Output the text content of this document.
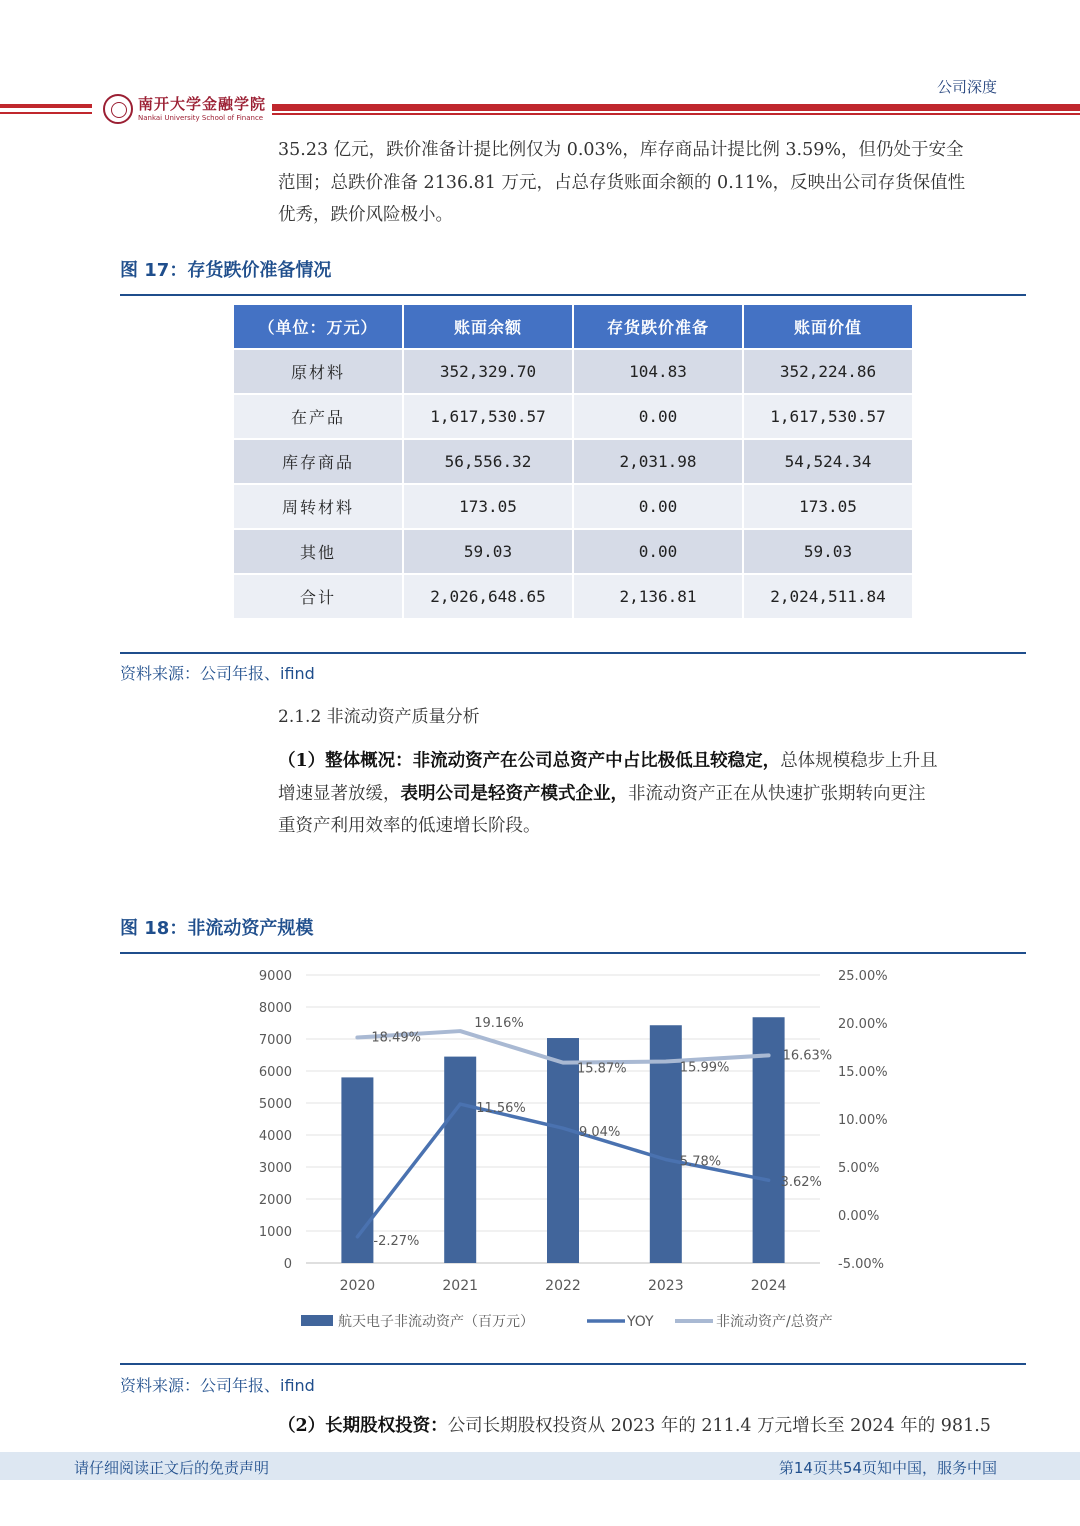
公司深度
南开大学金融学院
Nankai University School of Finance
35.23 亿元，跌价准备计提比例仅为 0.03%，库存商品计提比例 3.59%，但仍处于安全
范围；总跌价准备 2136.81 万元，占总存货账面余额的 0.11%，反映出公司存货保值性
优秀，跌价风险极小。
图 17：存货跌价准备情况
（单位：万元）	账面余额	存货跌价准备	账面价值
原材料	352,329.70	104.83	352,224.86
在产品	1,617,530.57	0.00	1,617,530.57
库存商品	56,556.32	2,031.98	54,524.34
周转材料	173.05	0.00	173.05
其他	59.03	0.00	59.03
合计	2,026,648.65	2,136.81	2,024,511.84
资料来源：公司年报、ifind
2.1.2 非流动资产质量分析
（1）整体概况：非流动资产在公司总资产中占比极低且较稳定，总体规模稳步上升且
增速显著放缓，表明公司是轻资产模式企业，非流动资产正在从快速扩张期转向更注
重资产利用效率的低速增长阶段。
图 18：非流动资产规模
18.49%
19.16%
15.87%	15.99%
16.63%
-2.27%
11.56%
9.04%
5.78%
3.62%
0
1000
2000
3000
4000
5000
6000
7000
8000
9000
-5.00%
0.00%
5.00%
10.00%
15.00%
20.00%
25.00%
2020	2021	2022	2023	2024
航天电子非流动资产（百万元）	YOY	非流动资产/总资产
资料来源：公司年报、ifind
（2）长期股权投资：公司长期股权投资从 2023 年的 211.4 万元增长至 2024 年的 981.5
请仔细阅读正文后的免责声明	第14页共54页知中国，服务中国
